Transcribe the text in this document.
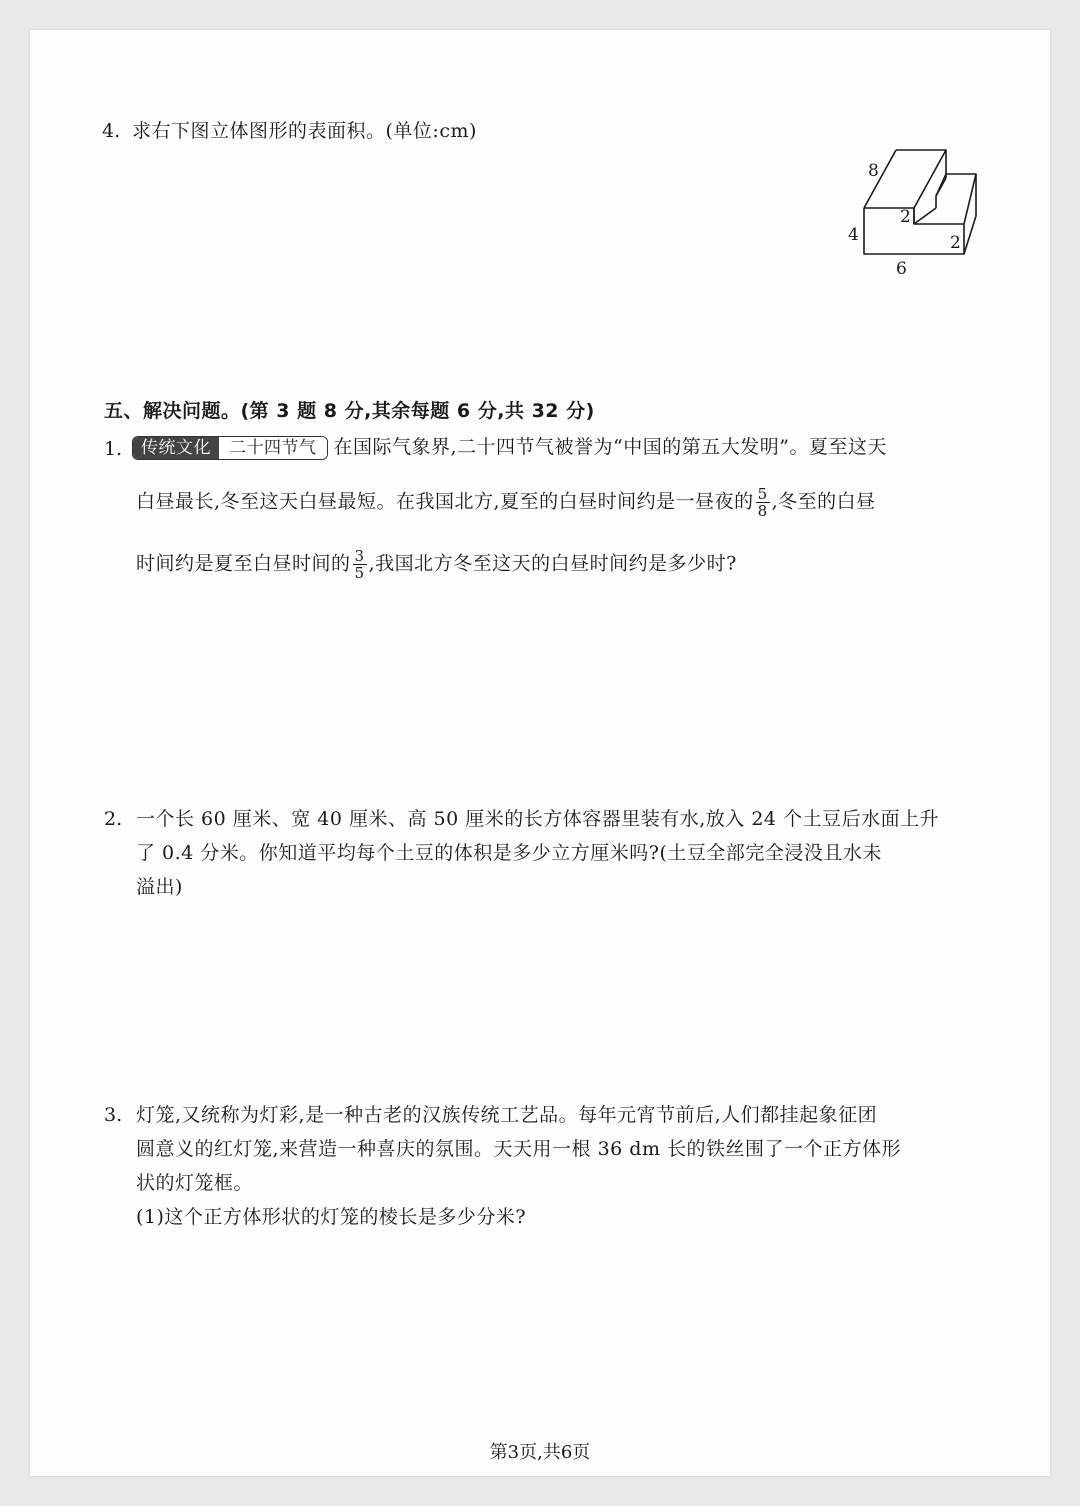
4. 求右下图立体图形的表面积。(单位:cm)
8
2
2
4
6
五、解决问题。(第 3 题 8 分,其余每题 6 分,共 32 分)
1.	传统文化	二十四节气 在国际气象界,二十四节气被誉为“中国的第五大发明”。夏至这天
白昼最长,冬至这天白昼最短。在我国北方,夏至的白昼时间约是一昼夜的 $\frac{5}{8}$ ,冬至的白昼
时间约是夏至白昼时间的 $\frac{3}{5}$ ,我国北方冬至这天的白昼时间约是多少时?
2. 一个长 60 厘米、宽 40 厘米、高 50 厘米的长方体容器里装有水,放入 24 个土豆后水面上升
了 0.4 分米。你知道平均每个土豆的体积是多少立方厘米吗?(土豆全部完全浸没且水未
溢出)
3. 灯笼,又统称为灯彩,是一种古老的汉族传统工艺品。每年元宵节前后,人们都挂起象征团
圆意义的红灯笼,来营造一种喜庆的氛围。天天用一根 36 dm 长的铁丝围了一个正方体形
状的灯笼框。
(1)这个正方体形状的灯笼的棱长是多少分米?
第3页,共6页
